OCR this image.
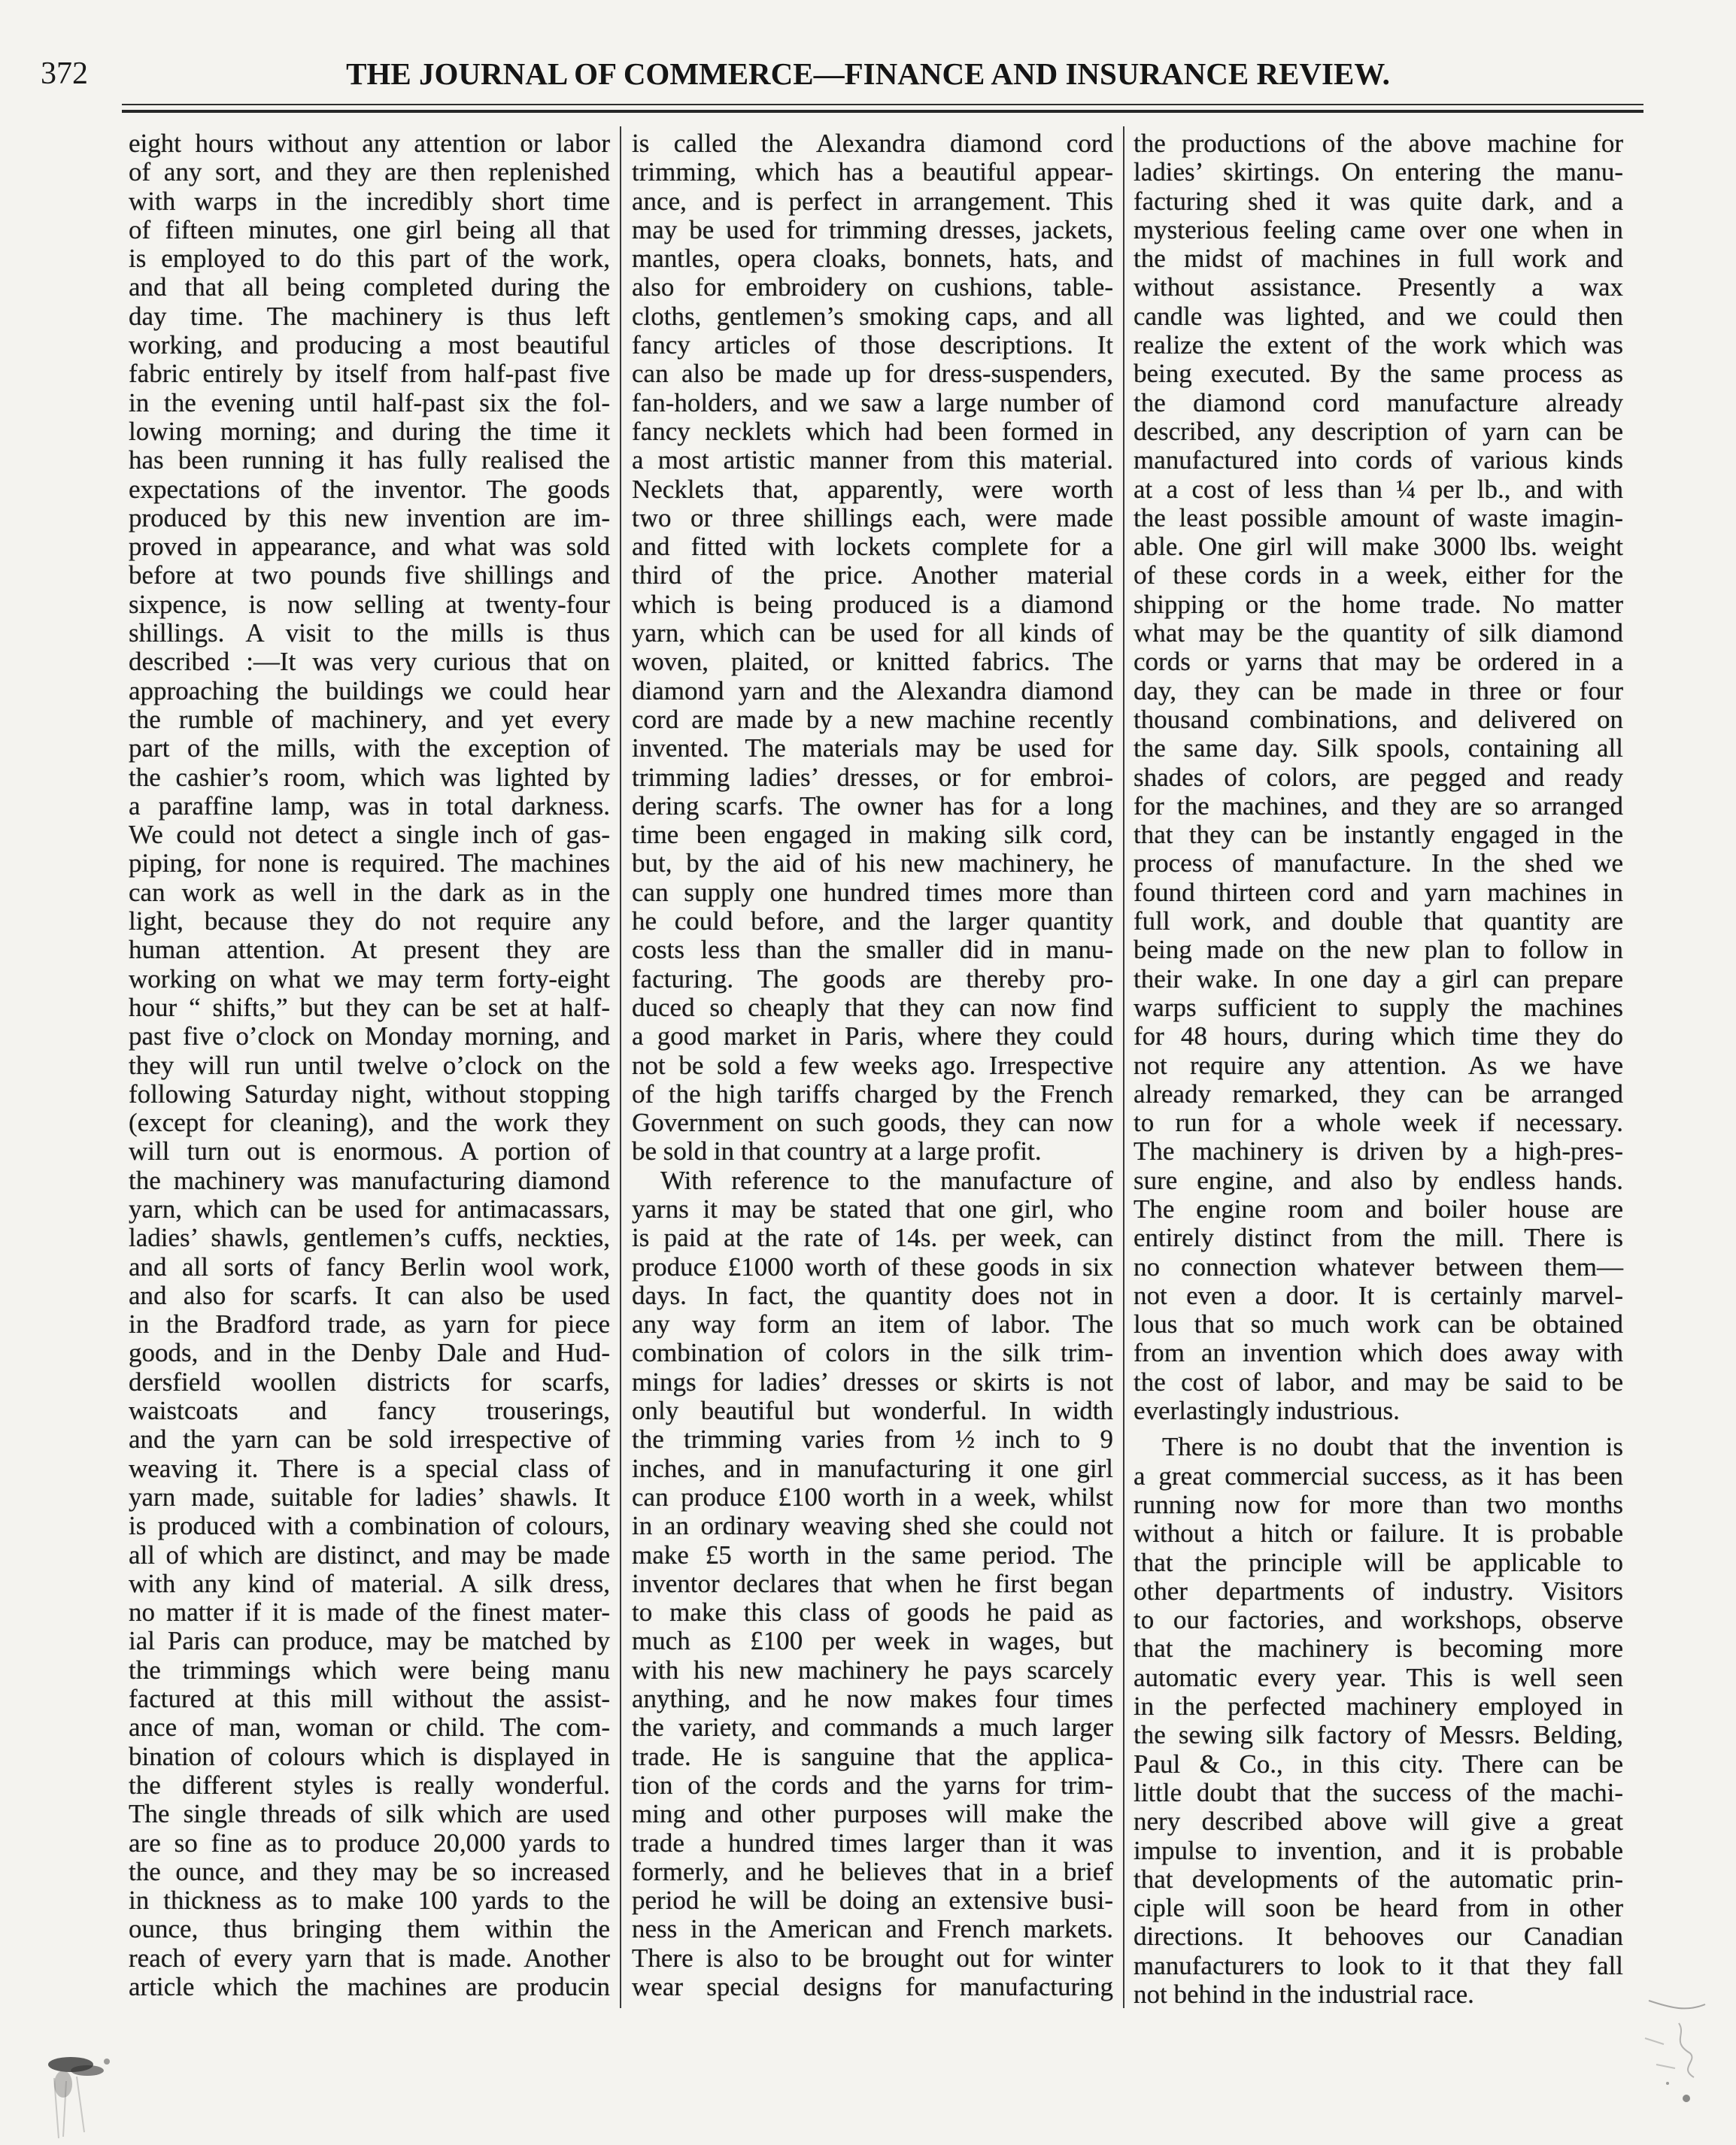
372	THE JOURNAL OF COMMERCE—FINANCE AND INSURANCE REVIEW.
eight hours without any attention or labor
of any sort, and they are then replenished
with warps in the incredibly short time
of fifteen minutes, one girl being all that
is employed to do this part of the work,
and that all being completed during the
day time. The machinery is thus left
working, and producing a most beautiful
fabric entirely by itself from half-past five
in the evening until half-past six the fol-
lowing morning; and during the time it
has been running it has fully realised the
expectations of the inventor. The goods
produced by this new invention are im-
proved in appearance, and what was sold
before at two pounds five shillings and
sixpence, is now selling at twenty-four
shillings. A visit to the mills is thus
described :—It was very curious that on
approaching the buildings we could hear
the rumble of machinery, and yet every
part of the mills, with the exception of
the cashier’s room, which was lighted by
a paraffine lamp, was in total darkness.
We could not detect a single inch of gas-
piping, for none is required. The machines
can work as well in the dark as in the
light, because they do not require any
human attention. At present they are
working on what we may term forty-eight
hour “ shifts,” but they can be set at half-
past five o’clock on Monday morning, and
they will run until twelve o’clock on the
following Saturday night, without stopping
(except for cleaning), and the work they
will turn out is enormous. A portion of
the machinery was manufacturing diamond
yarn, which can be used for antimacassars,
ladies’ shawls, gentlemen’s cuffs, neckties,
and all sorts of fancy Berlin wool work,
and also for scarfs. It can also be used
in the Bradford trade, as yarn for piece
goods, and in the Denby Dale and Hud-
dersfield woollen districts for scarfs,
waistcoats and fancy trouserings,
and the yarn can be sold irrespective of
weaving it. There is a special class of
yarn made, suitable for ladies’ shawls. It
is produced with a combination of colours,
all of which are distinct, and may be made
with any kind of material. A silk dress,
no matter if it is made of the finest mater-
ial Paris can produce, may be matched by
the trimmings which were being manu
factured at this mill without the assist-
ance of man, woman or child. The com-
bination of colours which is displayed in
the different styles is really wonderful.
The single threads of silk which are used
are so fine as to produce 20,000 yards to
the ounce, and they may be so increased
in thickness as to make 100 yards to the
ounce, thus bringing them within the
reach of every yarn that is made. Another
article which the machines are producin
is called the Alexandra diamond cord
trimming, which has a beautiful appear-
ance, and is perfect in arrangement. This
may be used for trimming dresses, jackets,
mantles, opera cloaks, bonnets, hats, and
also for embroidery on cushions, table-
cloths, gentlemen’s smoking caps, and all
fancy articles of those descriptions. It
can also be made up for dress-suspenders,
fan-holders, and we saw a large number of
fancy necklets which had been formed in
a most artistic manner from this material.
Necklets that, apparently, were worth
two or three shillings each, were made
and fitted with lockets complete for a
third of the price. Another material
which is being produced is a diamond
yarn, which can be used for all kinds of
woven, plaited, or knitted fabrics. The
diamond yarn and the Alexandra diamond
cord are made by a new machine recently
invented. The materials may be used for
trimming ladies’ dresses, or for embroi-
dering scarfs. The owner has for a long
time been engaged in making silk cord,
but, by the aid of his new machinery, he
can supply one hundred times more than
he could before, and the larger quantity
costs less than the smaller did in manu-
facturing. The goods are thereby pro-
duced so cheaply that they can now find
a good market in Paris, where they could
not be sold a few weeks ago. Irrespective
of the high tariffs charged by the French
Government on such goods, they can now
be sold in that country at a large profit.
With reference to the manufacture of
yarns it may be stated that one girl, who
is paid at the rate of 14s. per week, can
produce £1000 worth of these goods in six
days. In fact, the quantity does not in
any way form an item of labor. The
combination of colors in the silk trim-
mings for ladies’ dresses or skirts is not
only beautiful but wonderful. In width
the trimming varies from ½ inch to 9
inches, and in manufacturing it one girl
can produce £100 worth in a week, whilst
in an ordinary weaving shed she could not
make £5 worth in the same period. The
inventor declares that when he first began
to make this class of goods he paid as
much as £100 per week in wages, but
with his new machinery he pays scarcely
anything, and he now makes four times
the variety, and commands a much larger
trade. He is sanguine that the applica-
tion of the cords and the yarns for trim-
ming and other purposes will make the
trade a hundred times larger than it was
formerly, and he believes that in a brief
period he will be doing an extensive busi-
ness in the American and French markets.
There is also to be brought out for winter
wear special designs for manufacturing
the productions of the above machine for
ladies’ skirtings. On entering the manu-
facturing shed it was quite dark, and a
mysterious feeling came over one when in
the midst of machines in full work and
without assistance. Presently a wax
candle was lighted, and we could then
realize the extent of the work which was
being executed. By the same process as
the diamond cord manufacture already
described, any description of yarn can be
manufactured into cords of various kinds
at a cost of less than ¼ per lb., and with
the least possible amount of waste imagin-
able. One girl will make 3000 lbs. weight
of these cords in a week, either for the
shipping or the home trade. No matter
what may be the quantity of silk diamond
cords or yarns that may be ordered in a
day, they can be made in three or four
thousand combinations, and delivered on
the same day. Silk spools, containing all
shades of colors, are pegged and ready
for the machines, and they are so arranged
that they can be instantly engaged in the
process of manufacture. In the shed we
found thirteen cord and yarn machines in
full work, and double that quantity are
being made on the new plan to follow in
their wake. In one day a girl can prepare
warps sufficient to supply the machines
for 48 hours, during which time they do
not require any attention. As we have
already remarked, they can be arranged
to run for a whole week if necessary.
The machinery is driven by a high-pres-
sure engine, and also by endless hands.
The engine room and boiler house are
entirely distinct from the mill. There is
no connection whatever between them—
not even a door. It is certainly marvel-
lous that so much work can be obtained
from an invention which does away with
the cost of labor, and may be said to be
everlastingly industrious.
There is no doubt that the invention is
a great commercial success, as it has been
running now for more than two months
without a hitch or failure. It is probable
that the principle will be applicable to
other departments of industry. Visitors
to our factories, and workshops, observe
that the machinery is becoming more
automatic every year. This is well seen
in the perfected machinery employed in
the sewing silk factory of Messrs. Belding,
Paul & Co., in this city. There can be
little doubt that the success of the machi-
nery described above will give a great
impulse to invention, and it is probable
that developments of the automatic prin-
ciple will soon be heard from in other
directions. It behooves our Canadian
manufacturers to look to it that they fall
not behind in the industrial race.
